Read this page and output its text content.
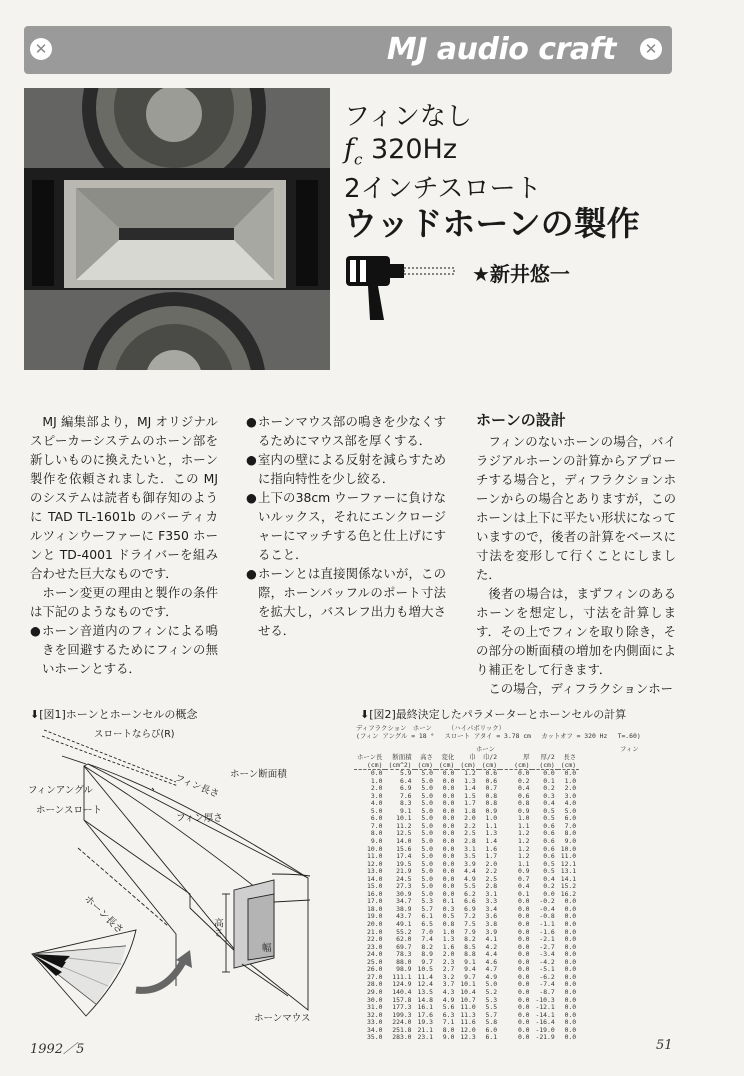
✕	MJ audio craft	✕
フィンなし
$f_c$ 320Hz
2インチスロート
ウッドホーンの製作
★新井悠一

MJ 編集部より，MJ オリジナルスピーカーシステムのホーン部を新しいものに換えたいと，ホーン製作を依頼されました．この MJ のシステムは読者も御存知のように TAD TL-1601b のバーティカルツィンウーファーに F350 ホーンと TD-4001 ドライバーを組み合わせた巨大なものです．

ホーン変更の理由と製作の条件は下記のようなものです．

● ホーン音道内のフィンによる鳴きを回避するためにフィンの無いホーンとする．
● ホーンマウス部の鳴きを少なくするためにマウス部を厚くする．
● 室内の壁による反射を減らすために指向特性を少し絞る．
● 上下の38cm ウーファーに負けないルックス，それにエンクロージャーにマッチする色と仕上げにすること．
● ホーンとは直接関係ないが，この際，ホーンバッフルのポート寸法を拡大し，バスレフ出力も増大させる．
ホーンの設計

フィンのないホーンの場合，バイラジアルホーンの計算からアプローチする場合と，ディフラクションホーンからの場合とありますが，このホーンは上下に平たい形状になっていますので，後者の計算をベースに寸法を変形して行くことにしました．

後者の場合は，まずフィンのあるホーンを想定し，寸法を計算します．その上でフィンを取り除き，その部分の断面積の増加を内側面により補正をして行きます．

この場合，ディフラクションホー

⬇[図1]ホーンとホーンセルの概念
スロートならび(R)
フィンアングル
ホーンスロート
フィン長さ
フィン厚さ
ホーン断面積
ホーン長さ	高さ
幅
ホーンマウス
⬇[図2]最終決定したパラメーターとホーンセルの計算
ディフラクション　ホーン　　　（ハイパボリック）
(フィン アングル = 18 °　 スロート アタイ = 3.78 cm　 カットオフ = 320 Hz　 T=.60)
ホーン	フィン
ホーン長	断面積	高さ	変化	巾	巾/2	厚	厚/2	長さ
(cm)	(cm^2)	(cm)	(cm)	(cm)	(cm)	(cm)	(cm)	(cm)
0.0	5.9	5.0	0.0	1.2	0.6	0.0	0.0	0.0
1.0	6.4	5.0	0.0	1.3	0.6	0.2	0.1	1.0
2.0	6.9	5.0	0.0	1.4	0.7	0.4	0.2	2.0
3.0	7.6	5.0	0.0	1.5	0.8	0.6	0.3	3.0
4.0	8.3	5.0	0.0	1.7	0.8	0.8	0.4	4.0
5.0	9.1	5.0	0.0	1.8	0.9	0.9	0.5	5.0
6.0	10.1	5.0	0.0	2.0	1.0	1.0	0.5	6.0
7.0	11.2	5.0	0.0	2.2	1.1	1.1	0.6	7.0
8.0	12.5	5.0	0.0	2.5	1.3	1.2	0.6	8.0
9.0	14.0	5.0	0.0	2.8	1.4	1.2	0.6	9.0
10.0	15.6	5.0	0.0	3.1	1.6	1.2	0.6	10.0
11.0	17.4	5.0	0.0	3.5	1.7	1.2	0.6	11.0
12.0	19.5	5.0	0.0	3.9	2.0	1.1	0.5	12.1
13.0	21.9	5.0	0.0	4.4	2.2	0.9	0.5	13.1
14.0	24.5	5.0	0.0	4.9	2.5	0.7	0.4	14.1
15.0	27.3	5.0	0.0	5.5	2.8	0.4	0.2	15.2
16.0	30.9	5.0	0.0	6.2	3.1	0.1	0.0	16.2
17.0	34.7	5.3	0.1	6.6	3.3	0.0	-0.2	0.0
18.0	38.9	5.7	0.3	6.9	3.4	0.0	-0.4	0.0
19.0	43.7	6.1	0.5	7.2	3.6	0.0	-0.8	0.0
20.0	49.1	6.5	0.8	7.5	3.8	0.0	-1.1	0.0
21.0	55.2	7.0	1.0	7.9	3.9	0.0	-1.6	0.0
22.0	62.0	7.4	1.3	8.2	4.1	0.0	-2.1	0.0
23.0	69.7	8.2	1.6	8.5	4.2	0.0	-2.7	0.0
24.0	78.3	8.9	2.0	8.8	4.4	0.0	-3.4	0.0
25.0	88.0	9.7	2.3	9.1	4.6	0.0	-4.2	0.0
26.0	98.9	10.5	2.7	9.4	4.7	0.0	-5.1	0.0
27.0	111.1	11.4	3.2	9.7	4.9	0.0	-6.2	0.0
28.0	124.9	12.4	3.7	10.1	5.0	0.0	-7.4	0.0
29.0	140.4	13.5	4.3	10.4	5.2	0.0	-8.7	0.0
30.0	157.8	14.8	4.9	10.7	5.3	0.0	-10.3	0.0
31.0	177.3	16.1	5.6	11.0	5.5	0.0	-12.1	0.0
32.0	199.3	17.6	6.3	11.3	5.7	0.0	-14.1	0.0
33.0	224.0	19.3	7.1	11.6	5.8	0.0	-16.4	0.0
34.0	251.8	21.1	8.0	12.0	6.0	0.0	-19.0	0.0
35.0	283.0	23.1	9.0	12.3	6.1	0.0	-21.9	0.0
1992／5	51
